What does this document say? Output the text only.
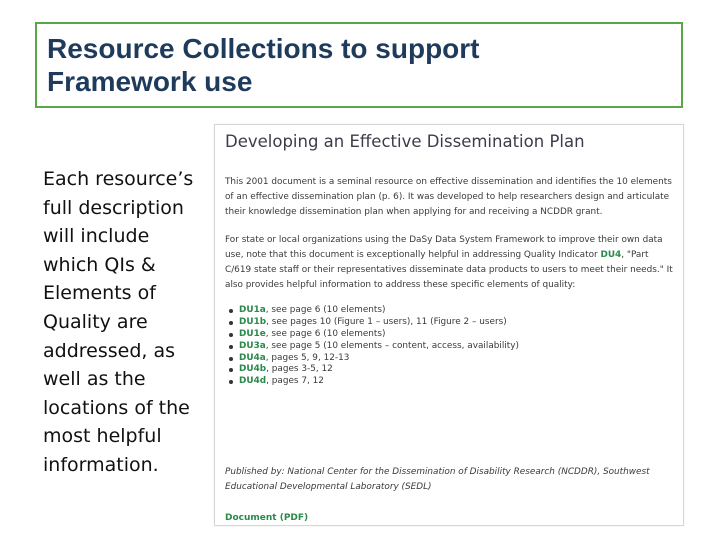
Resource Collections to support
Framework use
Each resource’s full description will include which QIs & Elements of Quality are addressed, as well as the locations of the most helpful information.
Developing an Effective Dissemination Plan

This 2001 document is a seminal resource on effective dissemination and identifies the 10 elements of an effective dissemination plan (p. 6). It was developed to help researchers design and articulate their knowledge dissemination plan when applying for and receiving a NCDDR grant.

For state or local organizations using the DaSy Data System Framework to improve their own data use, note that this document is exceptionally helpful in addressing Quality Indicator DU4, "Part C/619 state staff or their representatives disseminate data products to users to meet their needs." It also provides helpful information to address these specific elements of quality:

DU1a , see page 6 (10 elements)
DU1b , see pages 10 (Figure 1 – users), 11 (Figure 2 – users)
DU1e , see page 6 (10 elements)
DU3a , see page 5 (10 elements – content, access, availability)
DU4a , pages 5, 9, 12-13
DU4b , pages 3-5, 12
DU4d , pages 7, 12
Published by: National Center for the Dissemination of Disability Research (NCDDR), Southwest Educational Developmental Laboratory (SEDL)
Document (PDF)
